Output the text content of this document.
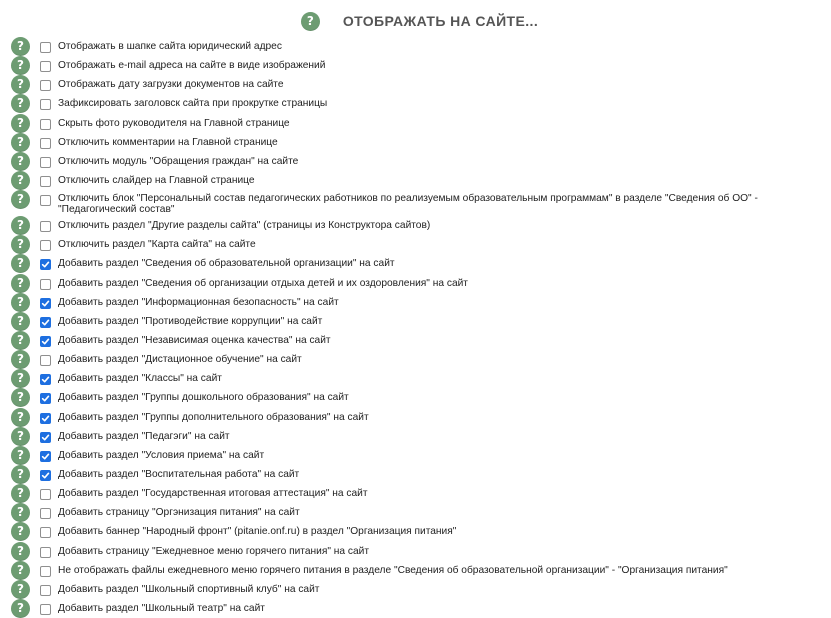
?	ОТОБРАЖАТЬ НА САЙТЕ...
?	Отображать в шапке сайта юридический адрес
?	Отображать e-mail адреса на сайте в виде изображений
?	Отображать дату загрузки документов на сайте
?	Зафиксировать заголовск сайта при прокрутке страницы
?	Скрыть фото руководителя на Главной странице
?	Отключить комментарии на Главной странице
?	Отключить модуль "Обращения граждан" на сайте
?	Отключить слайдер на Главной странице
?	Отключить блок "Персональный состав педагогических работников по реализуемым образовательным программам" в разделе "Сведения об ОО" - "Педагогический состав"
?	Отключить раздел "Другие разделы сайта" (страницы из Конструктора сайтов)
?	Отключить раздел "Карта сайта" на сайте
?	Добавить раздел "Сведения об образовательной организации" на сайт
?	Добавить раздел "Сведения об организации отдыха детей и их оздоровления" на сайт
?	Добавить раздел "Информационная безопасность" на сайт
?	Добавить раздел "Противодействие коррупции" на сайт
?	Добавить раздел "Независимая оценка качества" на сайт
?	Добавить раздел "Дистационное обучение" на сайт
?	Добавить раздел "Классы" на сайт
?	Добавить раздел "Группы дошкольного образования" на сайт
?	Добавить раздел "Группы дополнительного образования" на сайт
?	Добавить раздел "Педагэги" на сайт
?	Добавить раздел "Условия приема" на сайт
?	Добавить раздел "Воспитательная работа" на сайт
?	Добавить раздел "Государственная итоговая аттестация" на сайт
?	Добавить страницу "Оргэнизация питания" на сайт
?	Добавить баннер "Народный фронт" (pitanie.onf.ru) в раздел "Организация питания"
?	Добавить страницу "Ежедневное меню горячего питания" на сайт
?	Не отображать файлы ежедневного меню горячего питания в разделе "Сведения об образовательной организации" - "Организация питания"
?	Добавить раздел "Школьный спортивный клуб" на сайт
?	Добавить раздел "Школьный театр" на сайт
